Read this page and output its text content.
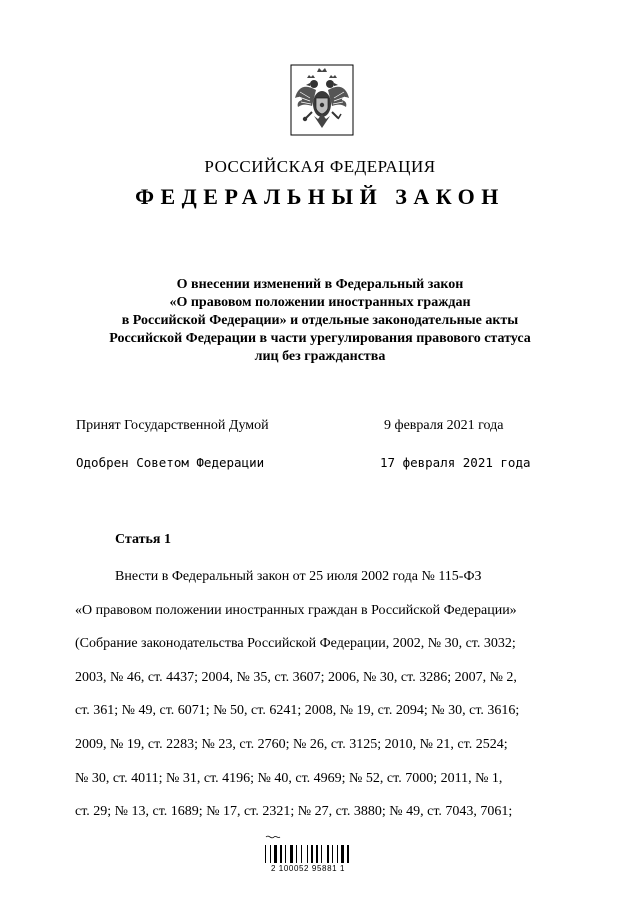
РОССИЙСКАЯ ФЕДЕРАЦИЯ
ФЕДЕРАЛЬНЫЙ ЗАКОН
О внесении изменений в Федеральный закон
«О правовом положении иностранных граждан
в Российской Федерации» и отдельные законодательные акты
Российской Федерации в части урегулирования правового статуса
лиц без гражданства
Принят Государственной Думой	9 февраля 2021 года
Одобрен Советом Федерации	17 февраля 2021 года
Статья 1
Внести в Федеральный закон от 25 июля 2002 года № 115-ФЗ
«О правовом положении иностранных граждан в Российской Федерации»
(Собрание законодательства Российской Федерации, 2002, № 30, ст. 3032;
2003, № 46, ст. 4437; 2004, № 35, ст. 3607; 2006, № 30, ст. 3286; 2007, № 2,
ст. 361; № 49, ст. 6071; № 50, ст. 6241; 2008, № 19, ст. 2094; № 30, ст. 3616;
2009, № 19, ст. 2283; № 23, ст. 2760; № 26, ст. 3125; 2010, № 21, ст. 2524;
№ 30, ст. 4011; № 31, ст. 4196; № 40, ст. 4969; № 52, ст. 7000; 2011, № 1,
ст. 29; № 13, ст. 1689; № 17, ст. 2321; № 27, ст. 3880; № 49, ст. 7043, 7061;
2 100052 95881 1
